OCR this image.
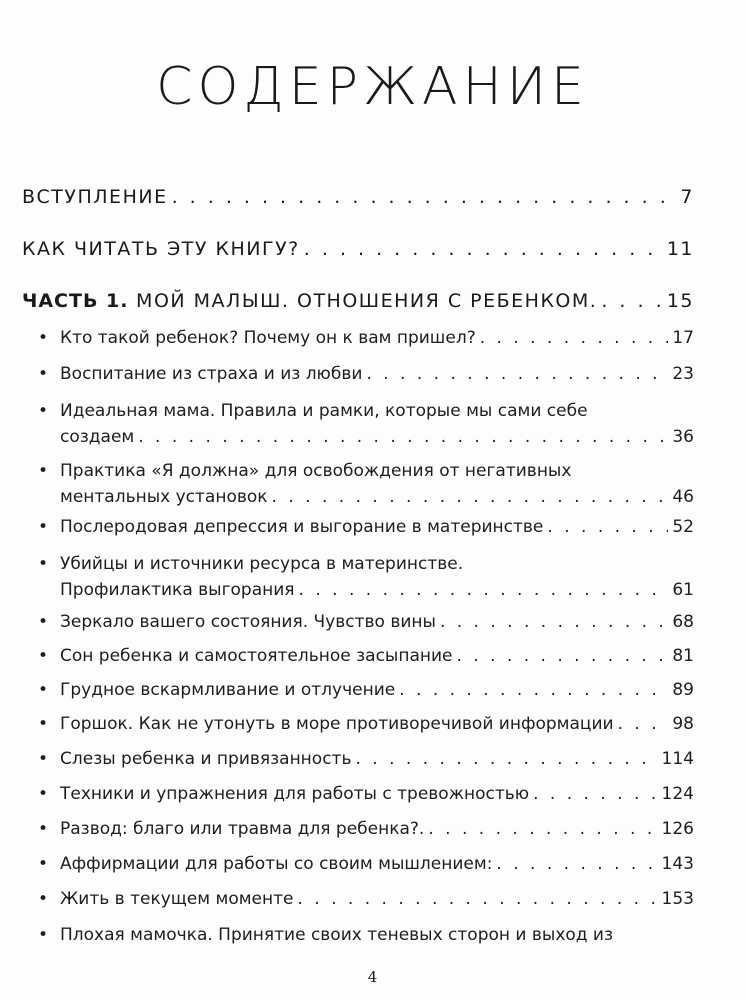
СОДЕРЖАНИЕ
ВСТУПЛЕНИЕ . . .	7
КАК ЧИТАТЬ ЭТУ КНИГУ? . . .	11
ЧАСТЬ 1. МОЙ МАЛЫШ. ОТНОШЕНИЯ С РЕБЕНКОМ. . . .	15
• Кто такой ребенок? Почему он к вам пришел? . . .	17
• Воспитание из страха и из любви . . .	23
• Идеальная мама. Правила и рамки, которые мы сами себе
создаем . . .	36
• Практика «Я должна» для освобождения от негативных
ментальных установок . . .	46
• Послеродовая депрессия и выгорание в материнстве . . .	52
• Убийцы и источники ресурса в материнстве.
Профилактика выгорания . . .	61
• Зеркало вашего состояния. Чувство вины . . .	68
• Сон ребенка и самостоятельное засыпание . . .	81
• Грудное вскармливание и отлучение . . .	89
• Горшок. Как не утонуть в море противоречивой информации . . .	98
• Слезы ребенка и привязанность . . .	114
• Техники и упражнения для работы с тревожностью . . .	124
• Развод: благо или травма для ребенка?. . . .	126
• Аффирмации для работы со своим мышлением: . . .	143
• Жить в текущем моменте . . .	153
• Плохая мамочка. Принятие своих теневых сторон и выход из
4
